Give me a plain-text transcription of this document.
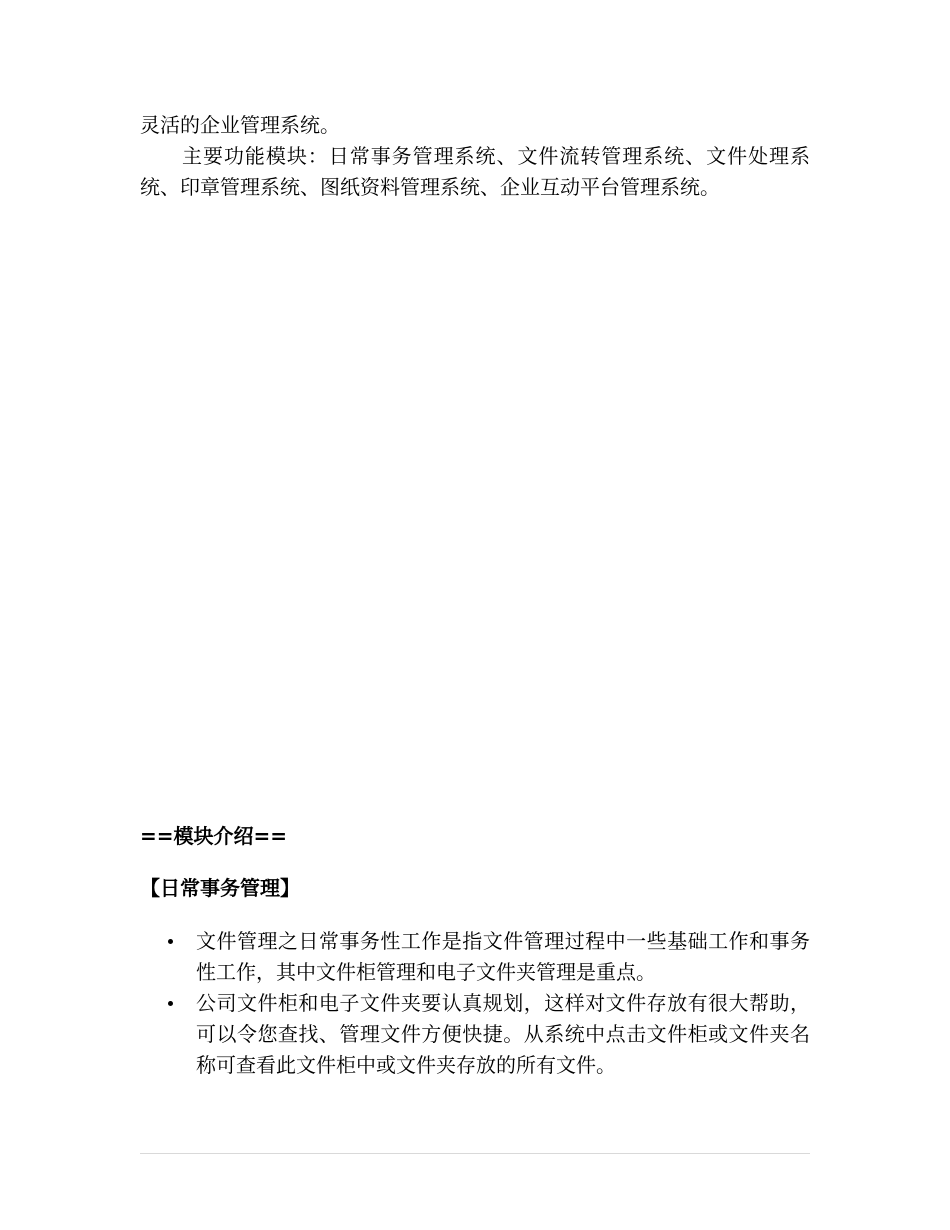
灵活的企业管理系统。

主要功能模块：日常事务管理系统、文件流转管理系统、文件处理系统、印章管理系统、图纸资料管理系统、企业互动平台管理系统。

==模块介绍==
【日常事务管理】
文件管理之日常事务性工作是指文件管理过程中一些基础工作和事务性工作，其中文件柜管理和电子文件夹管理是重点。
公司文件柜和电子文件夹要认真规划，这样对文件存放有很大帮助，可以令您查找、管理文件方便快捷。从系统中点击文件柜或文件夹名称可查看此文件柜中或文件夹存放的所有文件。
